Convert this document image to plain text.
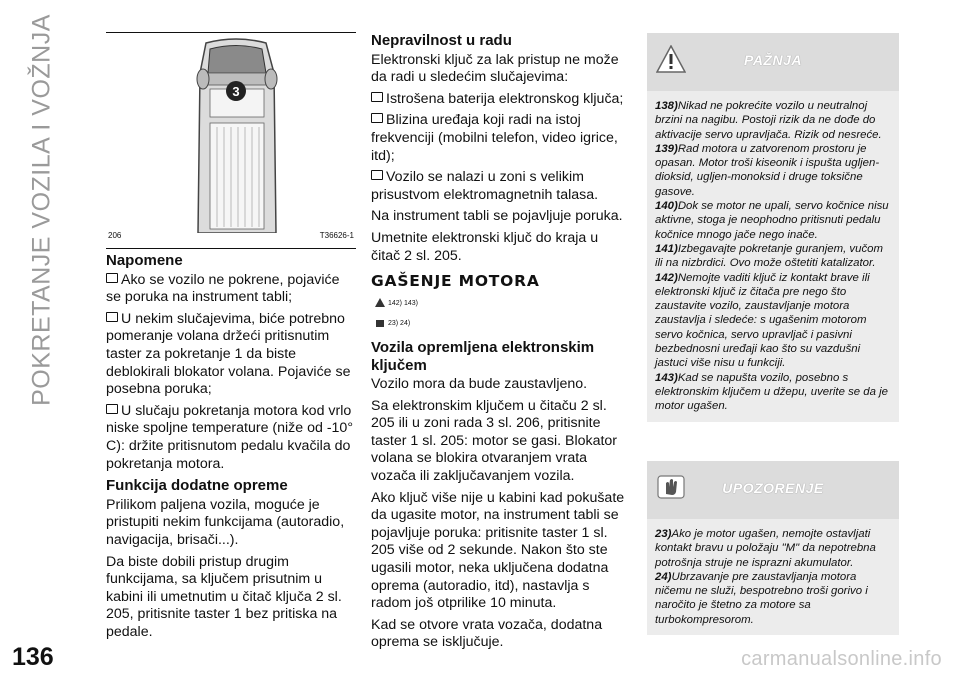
POKRETANJE VOZILA I VOŽNJA	3
206	T36626-1
Napomene

Ako se vozilo ne pokrene, pojaviće se poruka na instrument tabli;

U nekim slučajevima, biće potrebno pomeranje volana držeći pritisnutim taster za pokretanje 1 da biste deblokirali blokator volana. Pojaviće se posebna poruka;

U slučaju pokretanja motora kod vrlo niske spoljne temperature (niže od -10° C): držite pritisnutom pedalu kvačila do pokretanja motora.

Funkcija dodatne opreme

Prilikom paljena vozila, moguće je pristupiti nekim funkcijama (autoradio, navigacija, brisači...).

Da biste dobili pristup drugim funkcijama, sa ključem prisutnim u kabini ili umetnutim u čitač ključa 2 sl. 205, pritisnite taster 1 bez pritiska na pedale.

Nepravilnost u radu

Elektronski ključ za lak pristup ne može da radi u sledećim slučajevima:

Istrošena baterija elektronskog ključa;

Blizina uređaja koji radi na istoj frekvenciji (mobilni telefon, video igrice, itd);

Vozilo se nalazi u zoni s velikim prisustvom elektromagnetnih talasa.

Na instrument tabli se pojavljuje poruka.

Umetnite elektronski ključ do kraja u čitač 2 sl. 205.

GAŠENJE MOTORA
142) 143)
23) 24)
Vozila opremljena elektronskim ključem

Vozilo mora da bude zaustavljeno.

Sa elektronskim ključem u čitaču 2 sl. 205 ili u zoni rada 3 sl. 206, pritisnite taster 1 sl. 205: motor se gasi. Blokator volana se blokira otvaranjem vrata vozača ili zaključavanjem vozila.

Ako ključ više nije u kabini kad pokušate da ugasite motor, na instrument tabli se pojavljuje poruka: pritisnite taster 1 sl. 205 više od 2 sekunde. Nakon što ste ugasili motor, neka uključena dodatna oprema (autoradio, itd), nastavlja s radom još otprilike 10 minuta.

Kad se otvore vrata vozača, dodatna oprema se isključuje.

PAŽNJA

138)Nikad ne pokrećite vozilo u neutralnoj brzini na nagibu. Postoji rizik da ne dođe do aktivacije servo upravljača. Rizik od nesreće.

139)Rad motora u zatvorenom prostoru je opasan. Motor troši kiseonik i ispušta ugljen-dioksid, ugljen-monoksid i druge toksične gasove.

140)Dok se motor ne upali, servo kočnice nisu aktivne, stoga je neophodno pritisnuti pedalu kočnice mnogo jače nego inače.

141)Izbegavajte pokretanje guranjem, vučom ili na nizbrdici. Ovo može oštetiti katalizator.

142)Nemojte vaditi ključ iz kontakt brave ili elektronski ključ iz čitača pre nego što zaustavite vozilo, zaustavljanje motora zaustavlja i sledeće: s ugašenim motorom servo kočnica, servo upravljač i pasivni bezbednosni uređaji kao što su vazdušni jastuci više nisu u funkciji.

143)Kad se napušta vozilo, posebno s elektronskim ključem u džepu, uverite se da je motor ugašen.

UPOZORENJE

23)Ako je motor ugašen, nemojte ostavljati kontakt bravu u položaju "M" da nepotrebna potrošnja struje ne isprazni akumulator.

24)Ubrzavanje pre zaustavljanja motora ničemu ne služi, bespotrebno troši gorivo i naročito je štetno za motore sa turbokompresorom.

136	carmanualsonline.info
